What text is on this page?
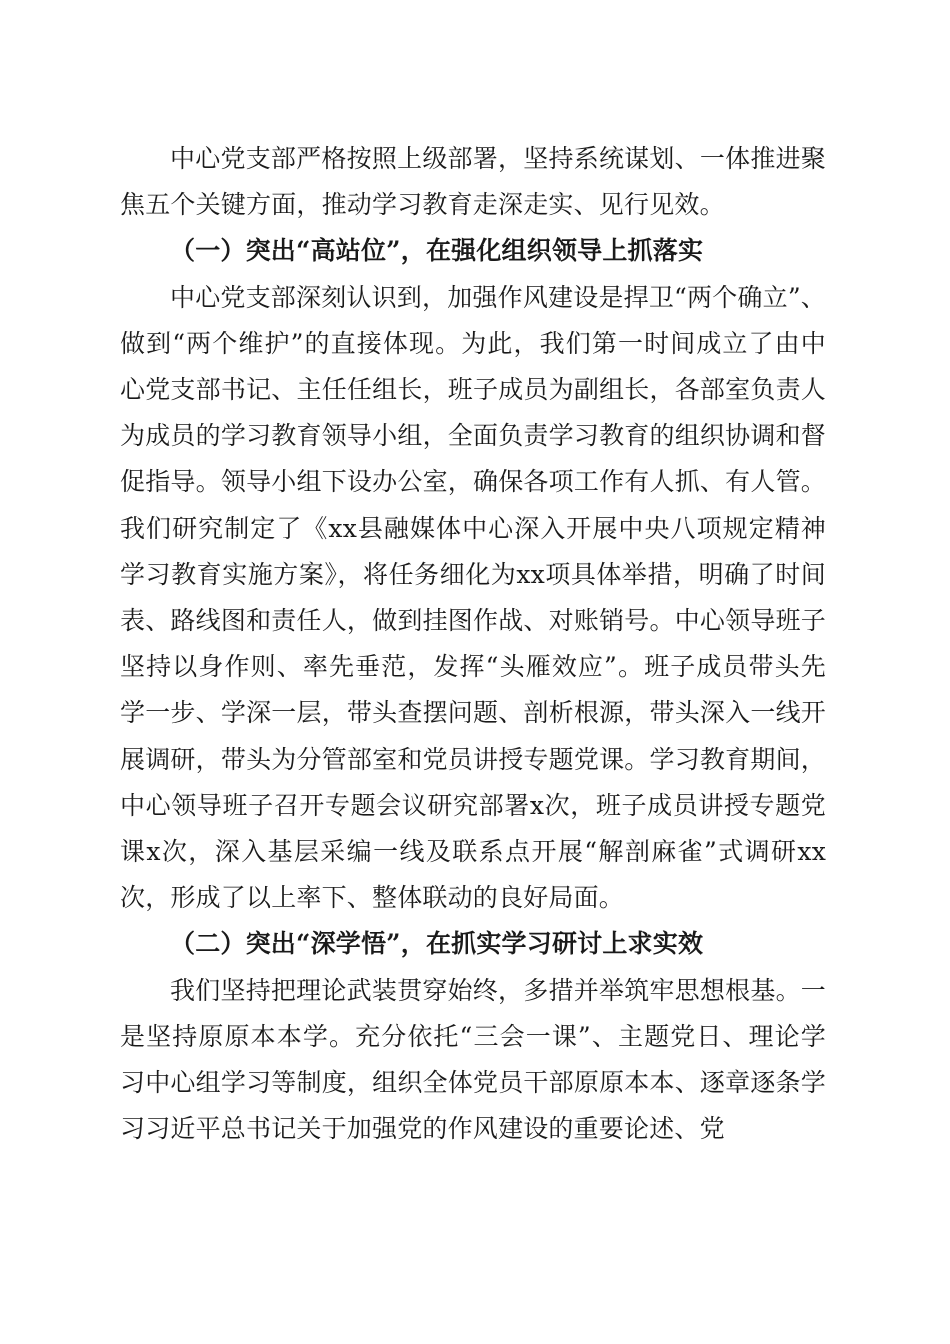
中心党支部严格按照上级部署，坚持系统谋划、一体推进聚焦五个关键方面，推动学习教育走深走实、见行见效。

（一）突出“高站位”，在强化组织领导上抓落实

中心党支部深刻认识到，加强作风建设是捍卫“两个确立”、做到“两个维护”的直接体现。为此，我们第一时间成立了由中心党支部书记、主任任组长，班子成员为副组长，各部室负责人为成员的学习教育领导小组，全面负责学习教育的组织协调和督促指导。领导小组下设办公室，确保各项工作有人抓、有人管。我们研究制定了《xx县融媒体中心深入开展中央八项规定精神学习教育实施方案》，将任务细化为xx项具体举措，明确了时间表、路线图和责任人，做到挂图作战、对账销号。中心领导班子坚持以身作则、率先垂范，发挥“头雁效应”。班子成员带头先学一步、学深一层，带头查摆问题、剖析根源，带头深入一线开展调研，带头为分管部室和党员讲授专题党课。学习教育期间，中心领导班子召开专题会议研究部署x次，班子成员讲授专题党课x次，深入基层采编一线及联系点开展“解剖麻雀”式调研xx次，形成了以上率下、整体联动的良好局面。

（二）突出“深学悟”，在抓实学习研讨上求实效

我们坚持把理论武装贯穿始终，多措并举筑牢思想根基。一是坚持原原本本学。充分依托“三会一课”、主题党日、理论学习中心组学习等制度，组织全体党员干部原原本本、逐章逐条学习习近平总书记关于加强党的作风建设的重要论述、党
